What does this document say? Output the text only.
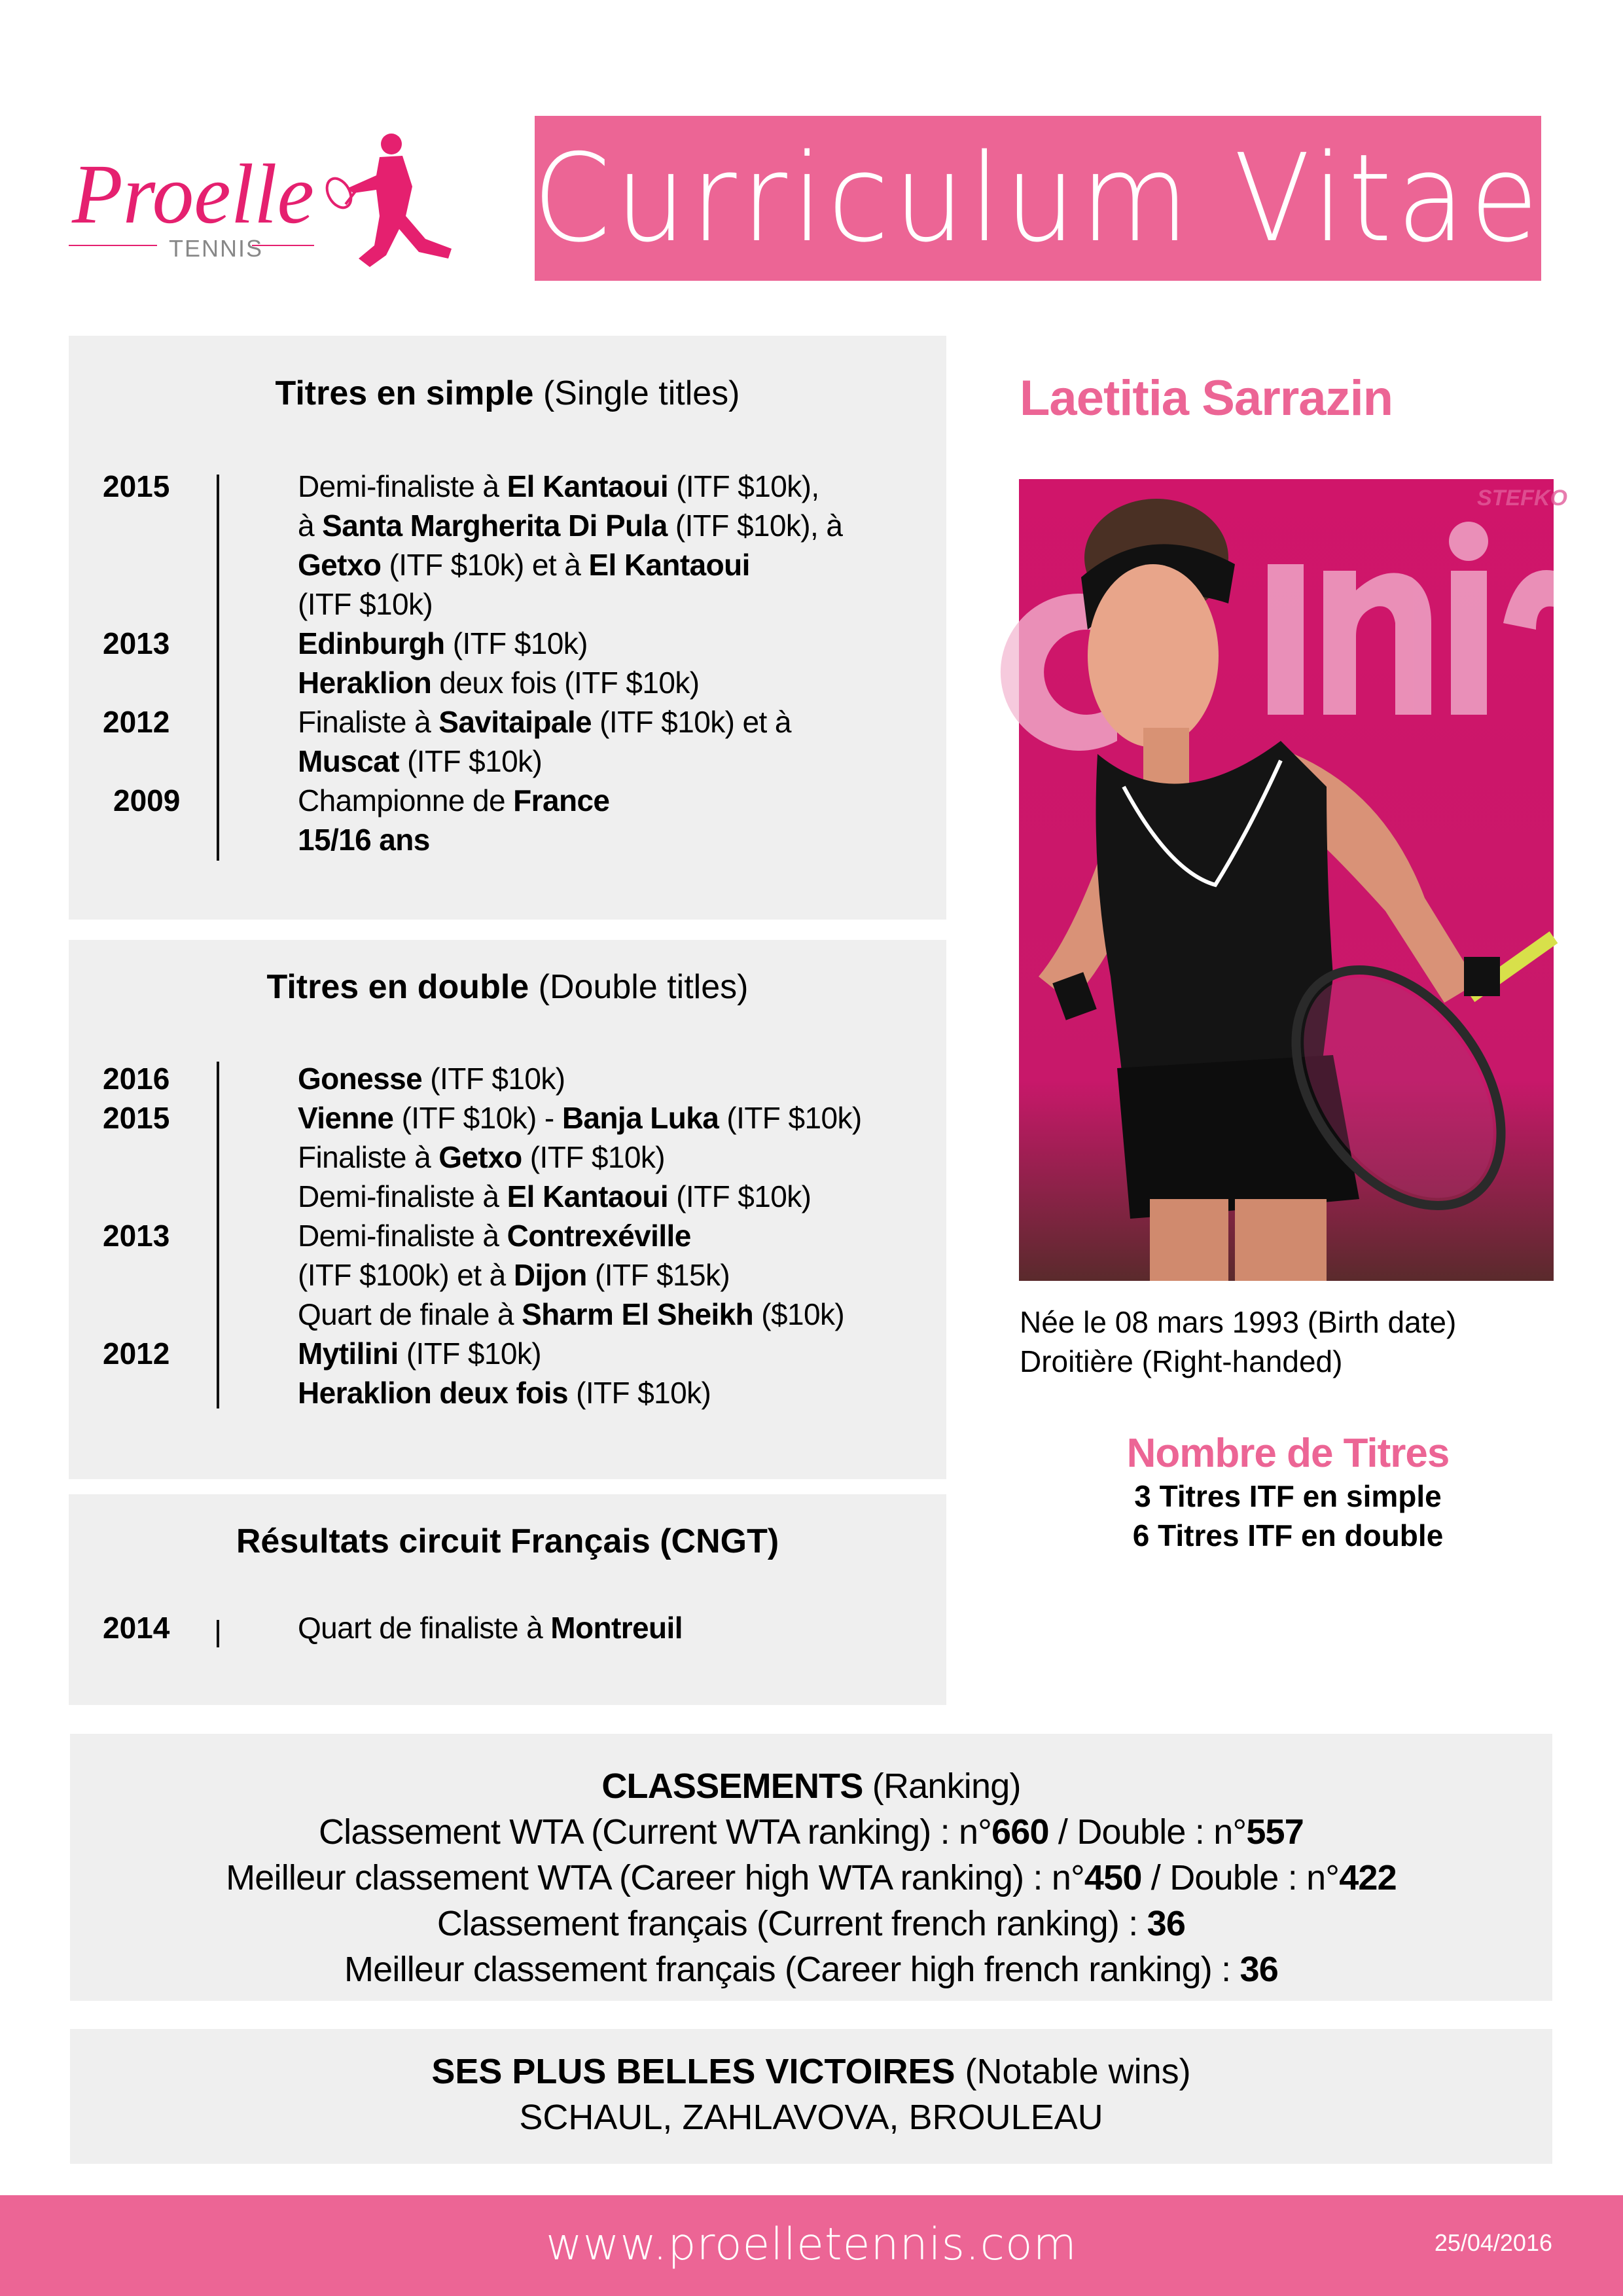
Proelle
TENNIS Curriculum Vitae
Titres en simple (Single titles)
2015	Demi-finaliste à El Kantaoui (ITF $10k),
à Santa Margherita Di Pula (ITF $10k), à
Getxo (ITF $10k) et à El Kantaoui
(ITF $10k)
2013	Edinburgh (ITF $10k)
Heraklion deux fois (ITF $10k)
2012	Finaliste à Savitaipale (ITF $10k) et à
Muscat (ITF $10k)
2009	Championne de France
15/16 ans
Titres en double (Double titles)
2016	Gonesse (ITF $10k)
2015	Vienne (ITF $10k) - Banja Luka (ITF $10k)
Finaliste à Getxo (ITF $10k)
Demi-finaliste à El Kantaoui (ITF $10k)
2013	Demi-finaliste à Contrexéville
(ITF $100k) et à Dijon (ITF $15k)
Quart de finale à Sharm El Sheikh ($10k)
2012	Mytilini (ITF $10k)
Heraklion deux fois (ITF $10k)
Résultats circuit Français (CNGT)
2014	Quart de finaliste à Montreuil
Laetitia Sarrazin
STEFKO
Née le 08 mars 1993 (Birth date)
Droitière (Right-handed)
Nombre de Titres

3 Titres ITF en simple

6 Titres ITF en double

CLASSEMENTS (Ranking)
Classement WTA (Current WTA ranking) : n°660 / Double : n°557
Meilleur classement WTA (Career high WTA ranking) : n°450 / Double : n°422
Classement français (Current french ranking) : 36
Meilleur classement français (Career high french ranking) : 36
SES PLUS BELLES VICTOIRES (Notable wins)
SCHAUL, ZAHLAVOVA, BROULEAU
www.proelletennis.com	25/04/2016
